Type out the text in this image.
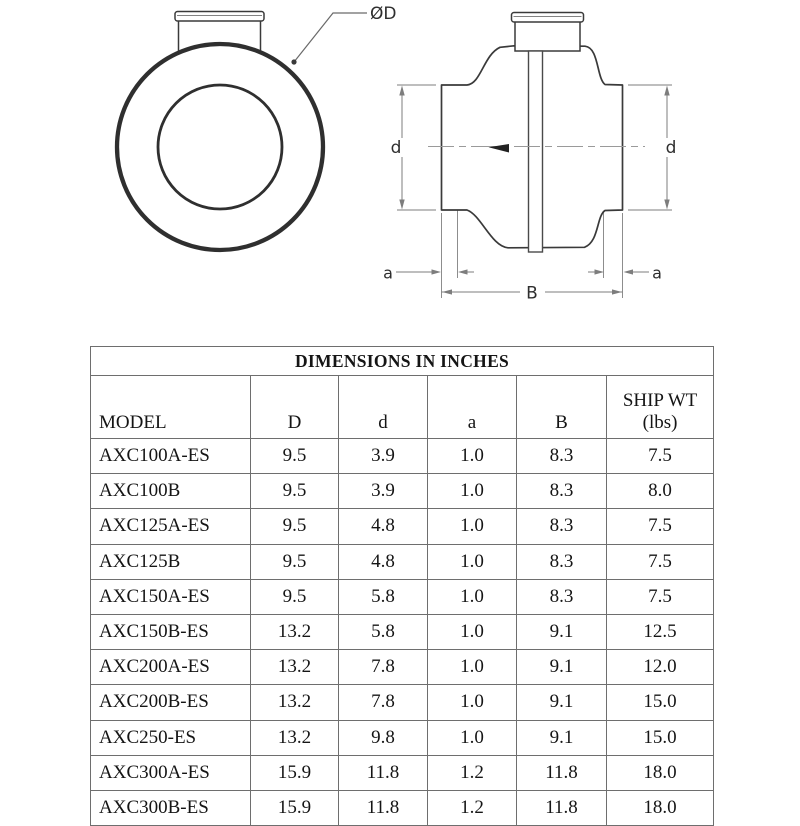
ØD
d	d
a	a
B
DIMENSIONS IN INCHES					
MODEL	D	d	a	B	SHIP WT
(lbs)

AXC100A-ES	9.5	3.9	1.0	8.3	7.5
AXC100B	9.5	3.9	1.0	8.3	8.0
AXC125A-ES	9.5	4.8	1.0	8.3	7.5
AXC125B	9.5	4.8	1.0	8.3	7.5
AXC150A-ES	9.5	5.8	1.0	8.3	7.5
AXC150B-ES	13.2	5.8	1.0	9.1	12.5
AXC200A-ES	13.2	7.8	1.0	9.1	12.0
AXC200B-ES	13.2	7.8	1.0	9.1	15.0
AXC250-ES	13.2	9.8	1.0	9.1	15.0
AXC300A-ES	15.9	11.8	1.2	11.8	18.0
AXC300B-ES	15.9	11.8	1.2	11.8	18.0
